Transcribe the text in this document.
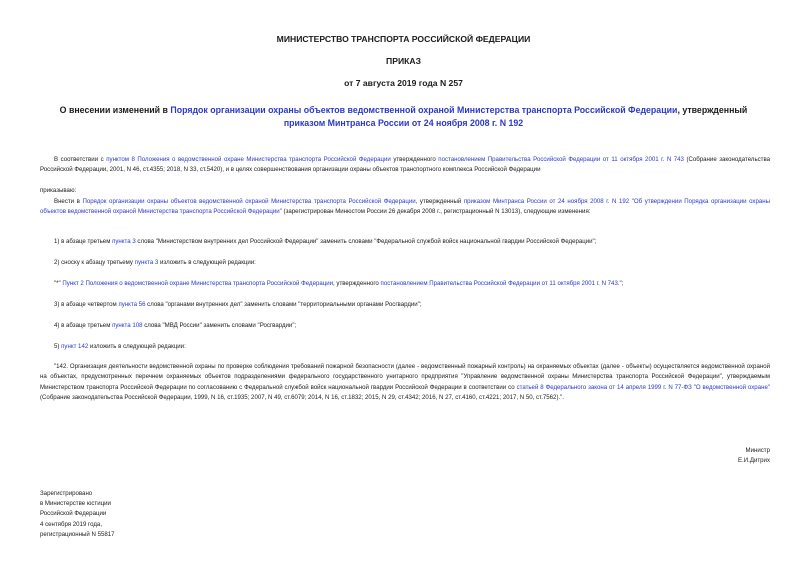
МИНИСТЕРСТВО ТРАНСПОРТА РОССИЙСКОЙ ФЕДЕРАЦИИ
ПРИКАЗ
от 7 августа 2019 года N 257
О внесении изменений в Порядок организации охраны объектов ведомственной охраной Министерства транспорта Российской Федерации, утвержденный приказом Минтранса России от 24 ноября 2008 г. N 192
В соответствии с пунктом 8 Положения о ведомственной охране Министерства транспорта Российской Федерации утвержденного постановлением Правительства Российской Федерации от 11 октября 2001 г. N 743 (Собрание законодательства Российской Федерации, 2001, N 46, ст.4355; 2018, N 33, ст.5420), и в целях совершенствования организации охраны объектов транспортного комплекса Российской Федерации
приказываю:
Внести в Порядок организации охраны объектов ведомственной охраной Министерства транспорта Российской Федерации, утвержденный приказом Минтранса России от 24 ноября 2008 г. N 192 "Об утверждении Порядка организации охраны объектов ведомственной охраной Министерства транспорта Российской Федерации" (зарегистрирован Минюстом России 26 декабря 2008 г., регистрационный N 13013), следующие изменения:
1) в абзаце третьем пункта 3 слова "Министерством внутренних дел Российской Федерации" заменить словами "Федеральной службой войск национальной гвардии Российской Федерации";
2) сноску к абзацу третьему пункта 3 изложить в следующей редакции:
"*" Пункт 2 Положения о ведомственной охране Министерства транспорта Российской Федерации, утвержденного постановлением Правительства Российской Федерации от 11 октября 2001 г. N 743.";
3) в абзаце четвертом пункта 56 слова "органами внутренних дел" заменить словами "территориальными органами Росгвардии";
4) в абзаце третьем пункта 108 слова "МВД России" заменить словами "Росгвардии";
5) пункт 142 изложить в следующей редакции:
"142. Организация деятельности ведомственной охраны по проверке соблюдения требований пожарной безопасности (далее - ведомственный пожарный контроль) на охраняемых объектах (далее - объекты) осуществляется ведомственной охраной на объектах, предусмотренных перечнем охраняемых объектов подразделениями федерального государственного унитарного предприятия "Управление ведомственной охраны Министерства транспорта Российской Федерации", утверждаемым Министерством транспорта Российской Федерации по согласованию с Федеральной службой войск национальной гвардии Российской Федерации в соответствии со статьей 8 Федерального закона от 14 апреля 1999 г. N 77-ФЗ "О ведомственной охране" (Собрание законодательства Российской Федерации, 1999, N 16, ст.1935; 2007, N 49, ст.6079; 2014, N 16, ст.1832; 2015, N 29, ст.4342; 2016, N 27, ст.4160, ст.4221; 2017, N 50, ст.7562).".
Министр
Е.И.Дитрих
Зарегистрировано
в Министерстве юстиции
Российской Федерации
4 сентября 2019 года,
регистрационный N 55817
